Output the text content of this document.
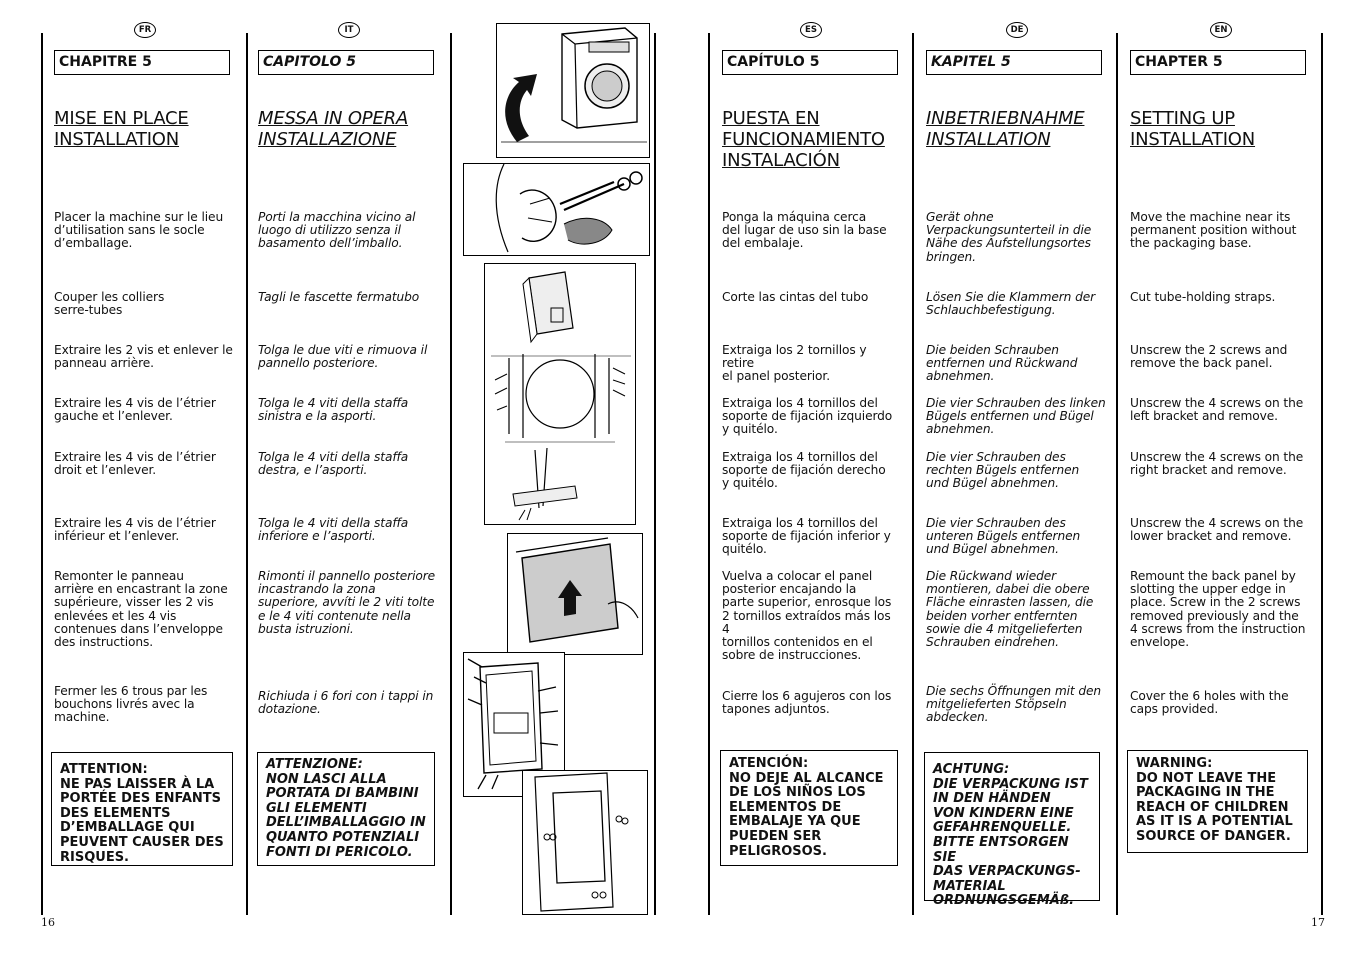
FR
CHAPITRE 5
MISE EN PLACE
INSTALLATION
Placer la machine sur le lieu
d’utilisation sans le socle
d’emballage.
Couper les colliers
serre-tubes
Extraire les 2 vis et enlever le
panneau arrière.
Extraire les 4 vis de l’étrier
gauche et l’enlever.
Extraire les 4 vis de l’étrier
droit et l’enlever.
Extraire les 4 vis de l’étrier
inférieur et l’enlever.
Remonter le panneau
arrière en encastrant la zone
supérieure, visser les 2 vis
enlevées et les 4 vis
contenues dans l’enveloppe
des instructions.
Fermer les 6 trous par les
bouchons livrés avec la
machine.
ATTENTION:
NE PAS LAISSER À LA
PORTÉE DES ENFANTS
DES ELEMENTS
D’EMBALLAGE QUI
PEUVENT CAUSER DES
RISQUES.
IT
CAPITOLO 5
MESSA IN OPERA
INSTALLAZIONE
Porti la macchina vicino al
luogo di utilizzo senza il
basamento dell’imballo.
Tagli le fascette fermatubo
Tolga le due viti e rimuova il
pannello posteriore.
Tolga le 4 viti della staffa
sinistra e la asporti.
Tolga le 4 viti della staffa
destra, e l’asporti.
Tolga le 4 viti della staffa
inferiore e l’asporti.
Rimonti il pannello posteriore
incastrando la zona
superiore, avvíti le 2 viti tolte
e le 4 viti contenute nella
busta istruzioni.
Richiuda i 6 fori con i tappi in
dotazione.
ATTENZIONE:
NON LASCI ALLA
PORTATA DI BAMBINI
GLI ELEMENTI
DELL’IMBALLAGGIO IN
QUANTO POTENZIALI
FONTI DI PERICOLO.
ES
CAPÍTULO 5
PUESTA EN
FUNCIONAMIENTO
INSTALACIÓN
Ponga la máquina cerca
del lugar de uso sin la base
del embalaje.
Corte las cintas del tubo
Extraiga los 2 tornillos y retire
el panel posterior.
Extraiga los 4 tornillos del
soporte de fijación izquierdo
y quitélo.
Extraiga los 4 tornillos del
soporte de fijación derecho
y quitélo.
Extraiga los 4 tornillos del
soporte de fijación inferior y
quitélo.
Vuelva a colocar el panel
posterior encajando la
parte superior, enrosque los
2 tornillos extraídos más los 4
tornillos contenidos en el
sobre de instrucciones.
Cierre los 6 agujeros con los
tapones adjuntos.
ATENCIÓN:
NO DEJE AL ALCANCE
DE LOS NIÑOS LOS
ELEMENTOS DE
EMBALAJE YA QUE
PUEDEN SER
PELIGROSOS.
DE
KAPITEL 5
INBETRIEBNAHME
INSTALLATION
Gerät ohne
Verpackungsunterteil in die
Nähe des Aufstellungsortes
bringen.
Lösen Sie die Klammern der
Schlauchbefestigung.
Die beiden Schrauben
entfernen und Rückwand
abnehmen.
Die vier Schrauben des linken
Bügels entfernen und Bügel
abnehmen.
Die vier Schrauben des
rechten Bügels entfernen
und Bügel abnehmen.
Die vier Schrauben des
unteren Bügels entfernen
und Bügel abnehmen.
Die Rückwand wieder
montieren, dabei die obere
Fläche einrasten lassen, die
beiden vorher entfernten
sowie die 4 mitgelieferten
Schrauben eindrehen.
Die sechs Öffnungen mit den
mitgelieferten Stöpseln
abdecken.
ACHTUNG:
DIE VERPACKUNG IST
IN DEN HÄNDEN
VON KINDERN EINE
GEFAHRENQUELLE.
BITTE ENTSORGEN SIE
DAS VERPACKUNGS-
MATERIAL
ORDNUNGSGEMÄß.
EN
CHAPTER 5
SETTING UP
INSTALLATION
Move the machine near its
permanent position without
the packaging base.
Cut tube-holding straps.
Unscrew the 2 screws and
remove the back panel.
Unscrew the 4 screws on the
left bracket and remove.
Unscrew the 4 screws on the
right bracket and remove.
Unscrew the 4 screws on the
lower bracket and remove.
Remount the back panel by
slotting the upper edge in
place. Screw in the 2 screws
removed previously and the
4 screws from the instruction
envelope.
Cover the 6 holes with the
caps provided.
WARNING:
DO NOT LEAVE THE
PACKAGING IN THE
REACH OF CHILDREN
AS IT IS A POTENTIAL
SOURCE OF DANGER.
16	17
